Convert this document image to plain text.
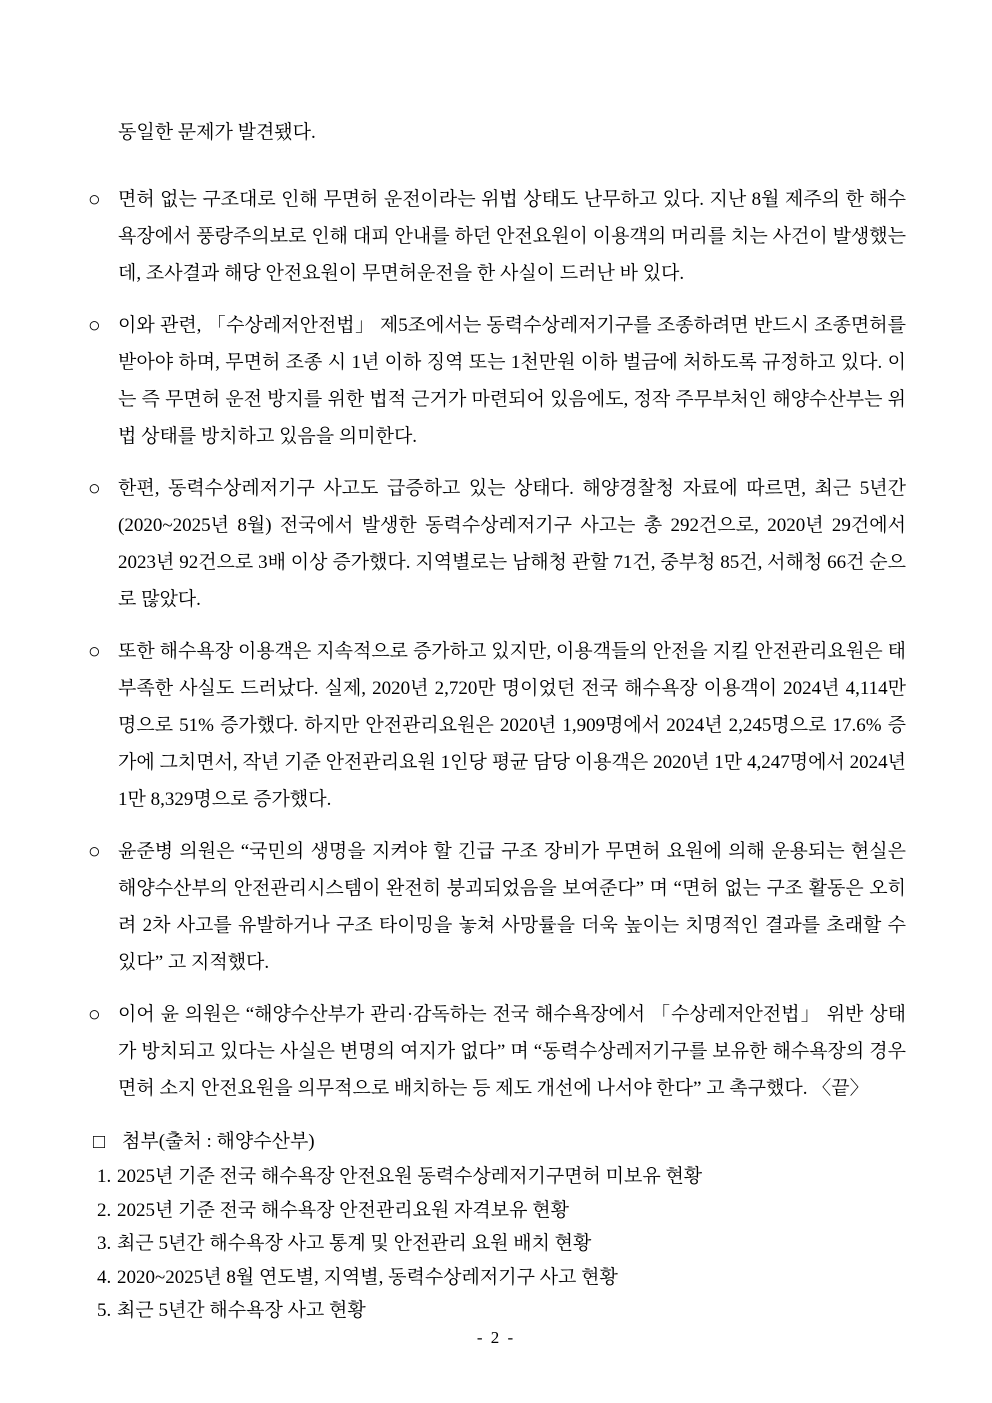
동일한 문제가 발견됐다.

○ 면허 없는 구조대로 인해 무면허 운전이라는 위법 상태도 난무하고 있다. 지난 8월 제주의 한 해수욕장에서 풍랑주의보로 인해 대피 안내를 하던 안전요원이 이용객의 머리를 치는 사건이 발생했는데, 조사결과 해당 안전요원이 무면허운전을 한 사실이 드러난 바 있다.
○ 이와 관련, 「수상레저안전법」 제5조에서는 동력수상레저기구를 조종하려면 반드시 조종면허를 받아야 하며, 무면허 조종 시 1년 이하 징역 또는 1천만원 이하 벌금에 처하도록 규정하고 있다. 이는 즉 무면허 운전 방지를 위한 법적 근거가 마련되어 있음에도, 정작 주무부처인 해양수산부는 위법 상태를 방치하고 있음을 의미한다.
○ 한편, 동력수상레저기구 사고도 급증하고 있는 상태다. 해양경찰청 자료에 따르면, 최근 5년간(2020~2025년 8월) 전국에서 발생한 동력수상레저기구 사고는 총 292건으로, 2020년 29건에서 2023년 92건으로 3배 이상 증가했다. 지역별로는 남해청 관할 71건, 중부청 85건, 서해청 66건 순으로 많았다.
○ 또한 해수욕장 이용객은 지속적으로 증가하고 있지만, 이용객들의 안전을 지킬 안전관리요원은 태부족한 사실도 드러났다. 실제, 2020년 2,720만 명이었던 전국 해수욕장 이용객이 2024년 4,114만 명으로 51% 증가했다. 하지만 안전관리요원은 2020년 1,909명에서 2024년 2,245명으로 17.6% 증가에 그치면서, 작년 기준 안전관리요원 1인당 평균 담당 이용객은 2020년 1만 4,247명에서 2024년 1만 8,329명으로 증가했다.
○ 윤준병 의원은 “국민의 생명을 지켜야 할 긴급 구조 장비가 무면허 요원에 의해 운용되는 현실은 해양수산부의 안전관리시스템이 완전히 붕괴되었음을 보여준다” 며 “면허 없는 구조 활동은 오히려 2차 사고를 유발하거나 구조 타이밍을 놓쳐 사망률을 더욱 높이는 치명적인 결과를 초래할 수 있다” 고 지적했다.
○ 이어 윤 의원은 “해양수산부가 관리·감독하는 전국 해수욕장에서 「수상레저안전법」 위반 상태가 방치되고 있다는 사실은 변명의 여지가 없다” 며 “동력수상레저기구를 보유한 해수욕장의 경우 면허 소지 안전요원을 의무적으로 배치하는 등 제도 개선에 나서야 한다” 고 촉구했다. 〈끝〉

□ 첨부(출처 : 해양수산부)

1. 2025년 기준 전국 해수욕장 안전요원 동력수상레저기구면허 미보유 현황

2. 2025년 기준 전국 해수욕장 안전관리요원 자격보유 현황

3. 최근 5년간 해수욕장 사고 통계 및 안전관리 요원 배치 현황

4. 2020~2025년 8월 연도별, 지역별, 동력수상레저기구 사고 현황

5. 최근 5년간 해수욕장 사고 현황

- 2 -
